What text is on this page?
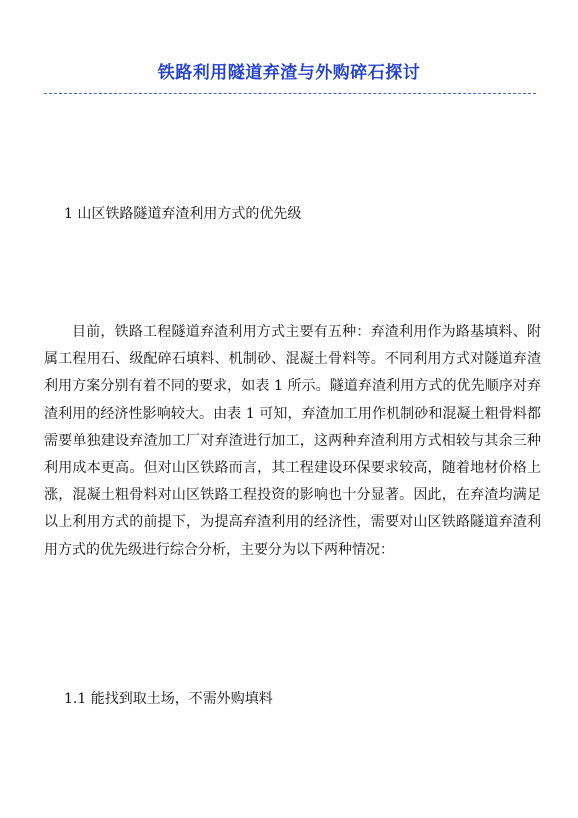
铁路利用隧道弃渣与外购碎石探讨
1 山区铁路隧道弃渣利用方式的优先级

目前，铁路工程隧道弃渣利用方式主要有五种：弃渣利用作为路基填料、附属工程用石、级配碎石填料、机制砂、混凝土骨料等。不同利用方式对隧道弃渣利用方案分别有着不同的要求，如表 1 所示。隧道弃渣利用方式的优先顺序对弃渣利用的经济性影响较大。由表 1 可知，弃渣加工用作机制砂和混凝土粗骨料都需要单独建设弃渣加工厂对弃渣进行加工，这两种弃渣利用方式相较与其余三种利用成本更高。但对山区铁路而言，其工程建设环保要求较高，随着地材价格上涨，混凝土粗骨料对山区铁路工程投资的影响也十分显著。因此，在弃渣均满足以上利用方式的前提下，为提高弃渣利用的经济性，需要对山区铁路隧道弃渣利用方式的优先级进行综合分析，主要分为以下两种情况：

1.1 能找到取土场，不需外购填料
